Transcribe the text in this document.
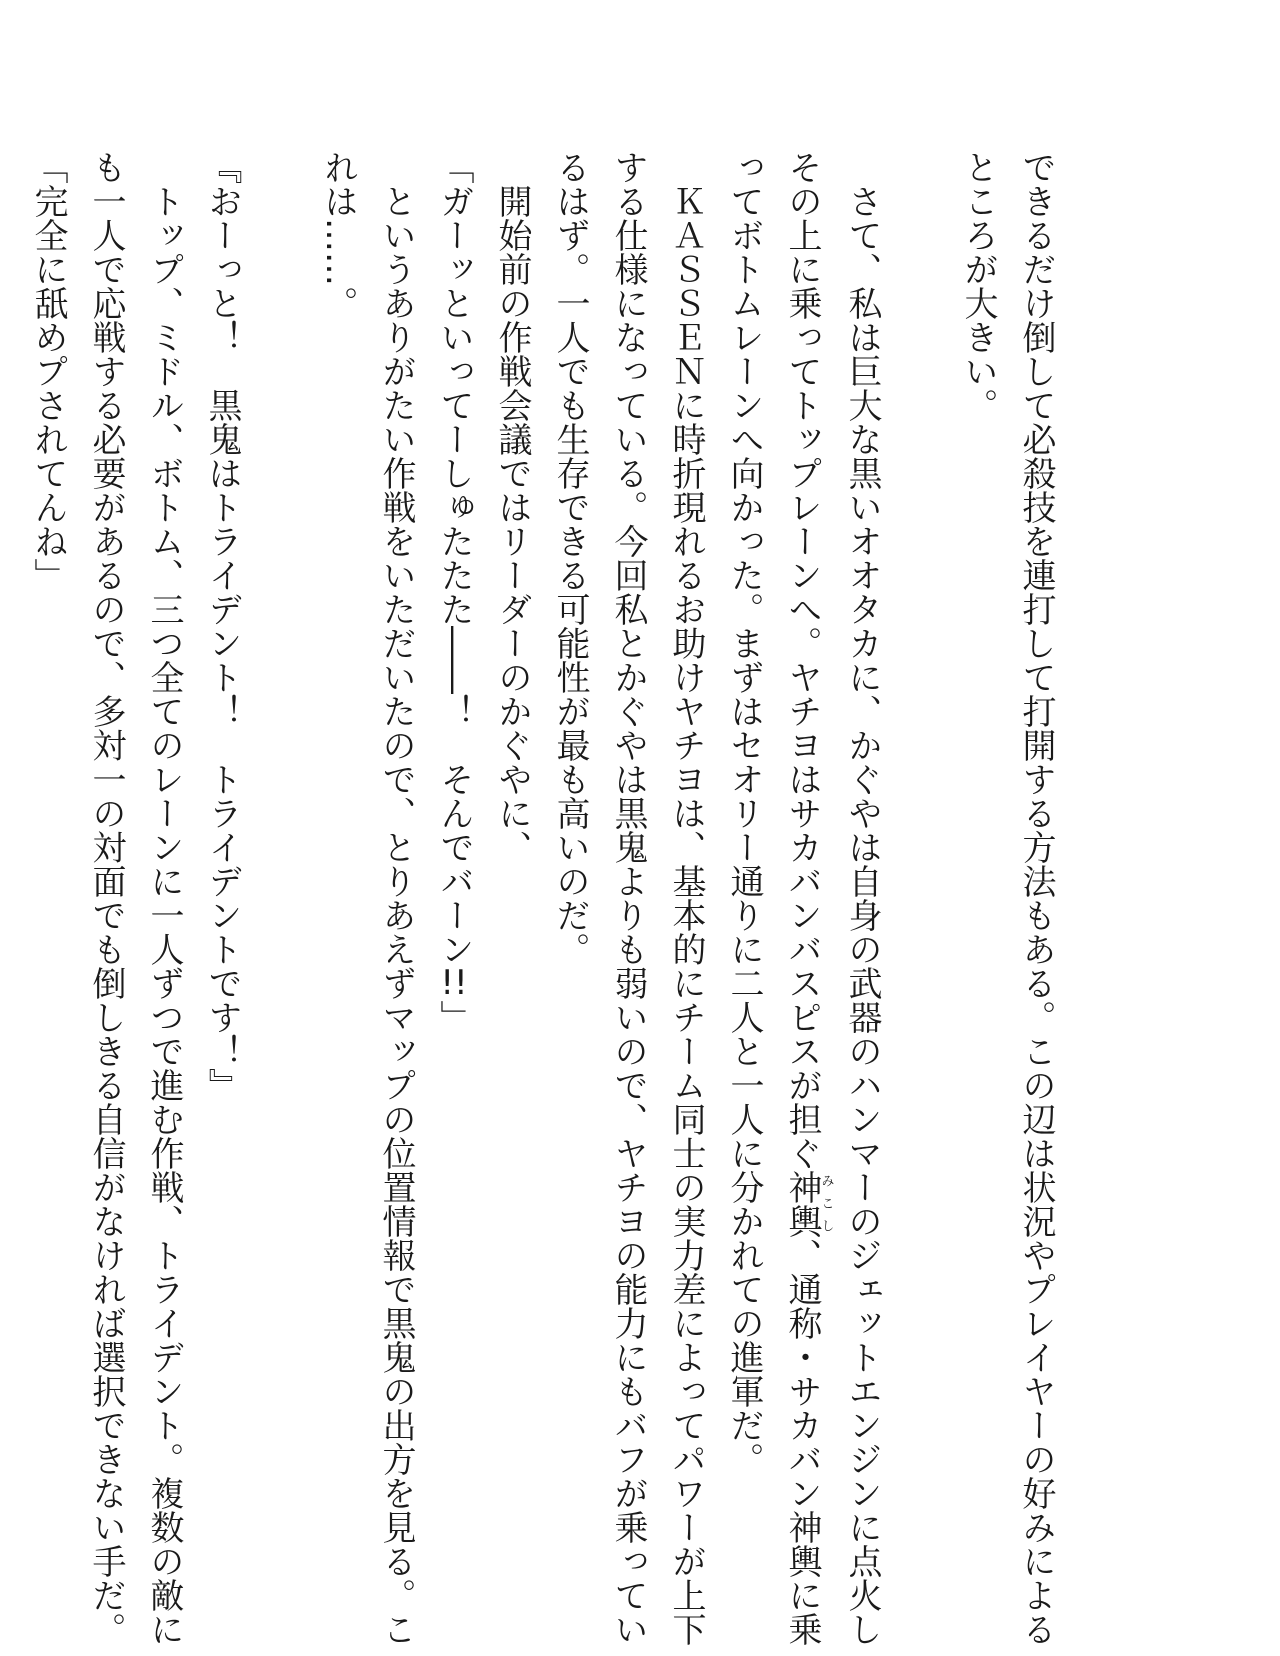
できるだけ倒して必殺技を連打して打開する方法もある。この辺は状況やプレイヤーの好みによる
ところが大きい。
　さて、私は巨大な黒いオオタカに、かぐやは自身の武器のハンマーのジェットエンジンに点火し
その上に乗ってトップレーンへ。ヤチヨはサカバンバスピスが担ぐ神輿みこし、通称・サカバン神輿に乗
ってボトムレーンへ向かった。まずはセオリー通りに二人と一人に分かれての進軍だ。
　ＫＡＳＳＥＮに時折現れるお助けヤチヨは、基本的にチーム同士の実力差によってパワーが上下
する仕様になっている。今回私とかぐやは黒鬼よりも弱いので、ヤチヨの能力にもバフが乗ってい
るはず。一人でも生存できる可能性が最も高いのだ。
　開始前の作戦会議ではリーダーのかぐやに、
「ガーッといってーしゅたたた――！　そんでバーン!!」
　というありがたい作戦をいただいたので、とりあえずマップの位置情報で黒鬼の出方を見る。こ
れは……。
『おーっと！　黒鬼はトライデント！　トライデントです！』
　トップ、ミドル、ボトム、三つ全てのレーンに一人ずつで進む作戦、トライデント。複数の敵に
も一人で応戦する必要があるので、多対一の対面でも倒しきる自信がなければ選択できない手だ。
「完全に舐めプされてんね」
